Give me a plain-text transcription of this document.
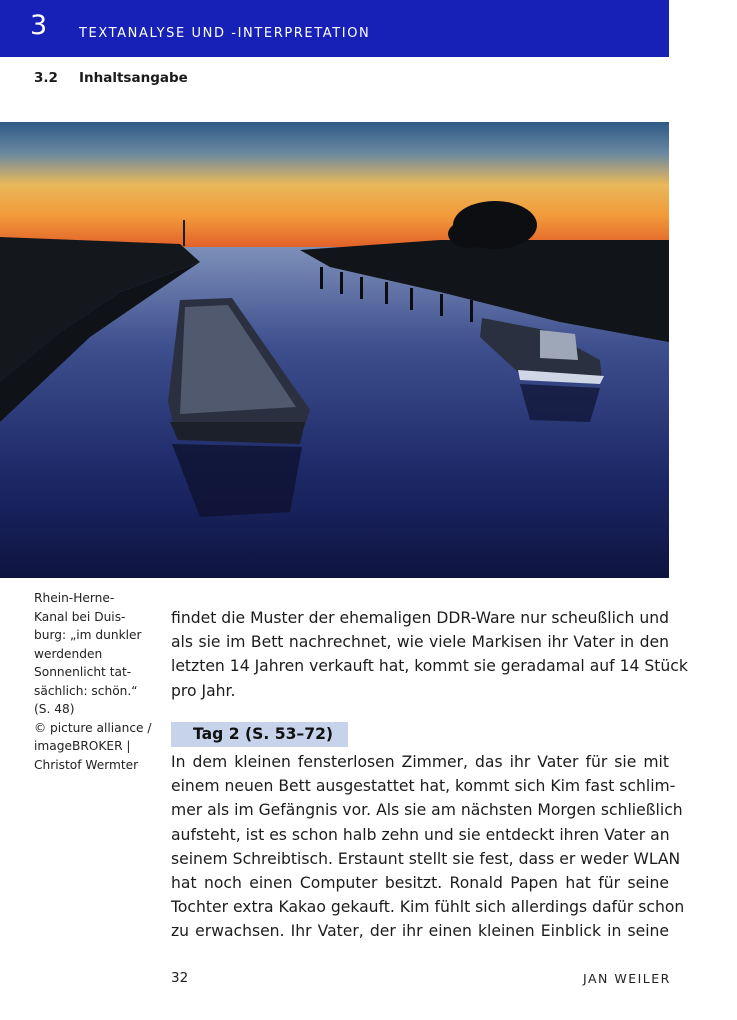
3 TEXTANALYSE UND -INTERPRETATION
3.2 Inhaltsangabe
Rhein-Herne-
Kanal bei Duis-
burg: „im dunkler
werdenden
Sonnenlicht tat-
sächlich: schön.“
(S. 48)
© picture alliance /
imageBROKER |
Christof Wermter
findet die Muster der ehemaligen DDR-Ware nur scheußlich und
als sie im Bett nachrechnet, wie viele Markisen ihr Vater in den
letzten 14 Jahren verkauft hat, kommt sie geradamal auf 14 Stück
pro Jahr.
Tag 2 (S. 53–72)
In dem kleinen fensterlosen Zimmer, das ihr Vater für sie mit
einem neuen Bett ausgestattet hat, kommt sich Kim fast schlim-
mer als im Gefängnis vor. Als sie am nächsten Morgen schließlich
aufsteht, ist es schon halb zehn und sie entdeckt ihren Vater an
seinem Schreibtisch. Erstaunt stellt sie fest, dass er weder WLAN
hat noch einen Computer besitzt. Ronald Papen hat für seine
Tochter extra Kakao gekauft. Kim fühlt sich allerdings dafür schon
zu erwachsen. Ihr Vater, der ihr einen kleinen Einblick in seine
32	JAN WEILER
